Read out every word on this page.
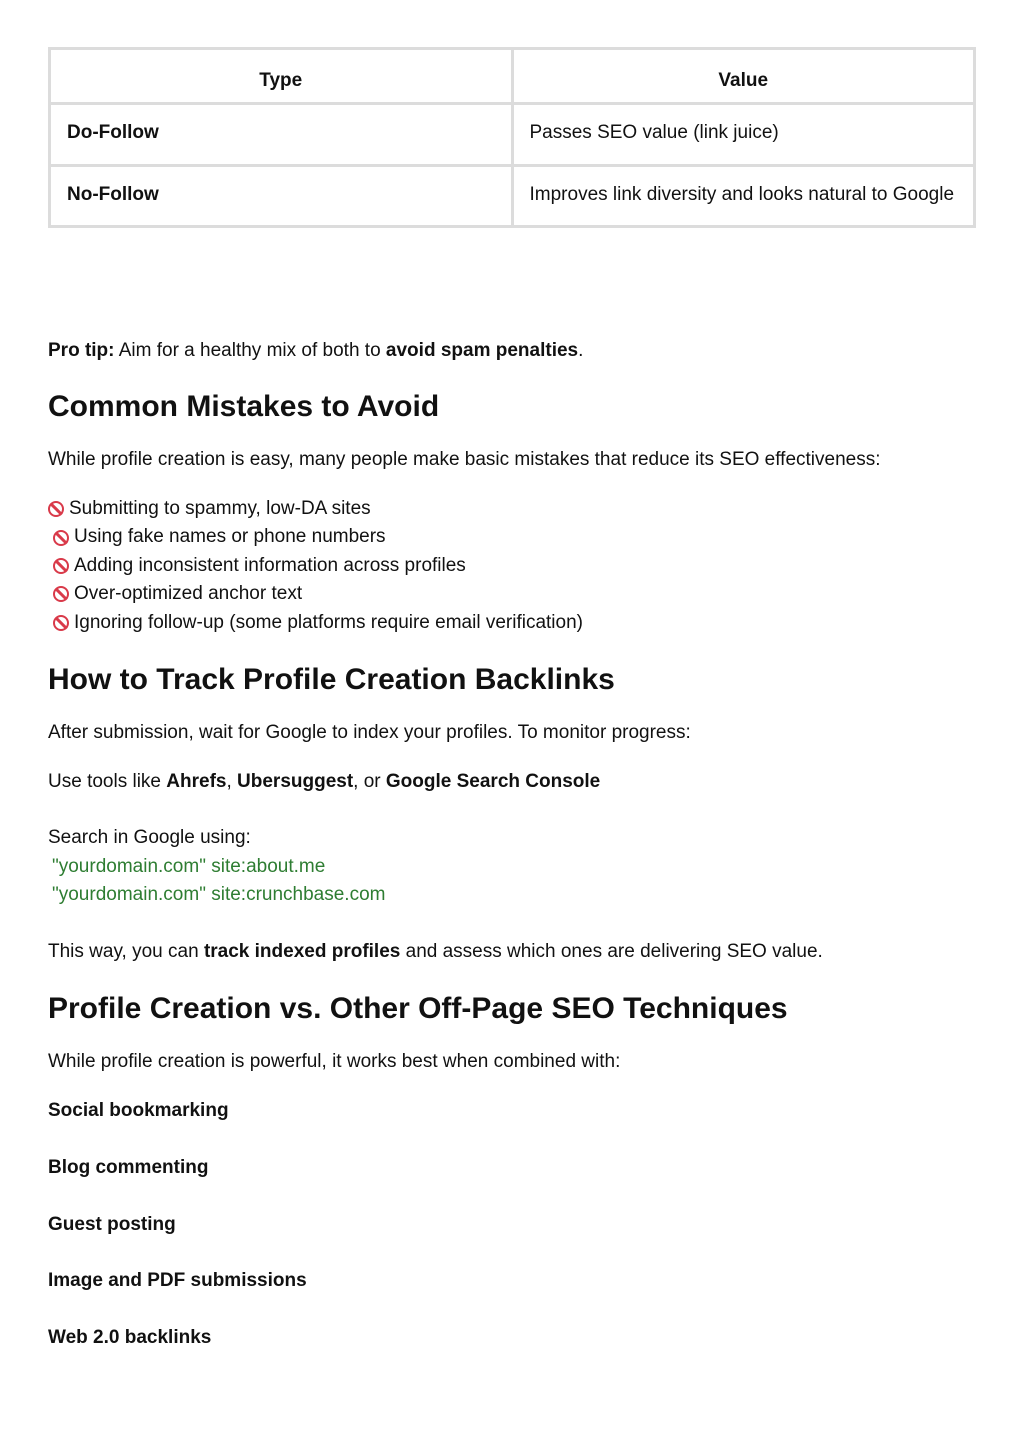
Type	Value
Do-Follow	Passes SEO value (link juice)
No-Follow	Improves link diversity and looks natural to Google

Pro tip: Aim for a healthy mix of both to avoid spam penalties.

Common Mistakes to Avoid

While profile creation is easy, many people make basic mistakes that reduce its SEO effectiveness:

Submitting to spammy, low-DA sites
Using fake names or phone numbers
Adding inconsistent information across profiles
Over-optimized anchor text
Ignoring follow-up (some platforms require email verification)
How to Track Profile Creation Backlinks

After submission, wait for Google to index your profiles. To monitor progress:

Use tools like Ahrefs, Ubersuggest, or Google Search Console

Search in Google using:

"yourdomain.com" site:about.me

"yourdomain.com" site:crunchbase.com

This way, you can track indexed profiles and assess which ones are delivering SEO value.

Profile Creation vs. Other Off-Page SEO Techniques

While profile creation is powerful, it works best when combined with:

Social bookmarking

Blog commenting

Guest posting

Image and PDF submissions

Web 2.0 backlinks
